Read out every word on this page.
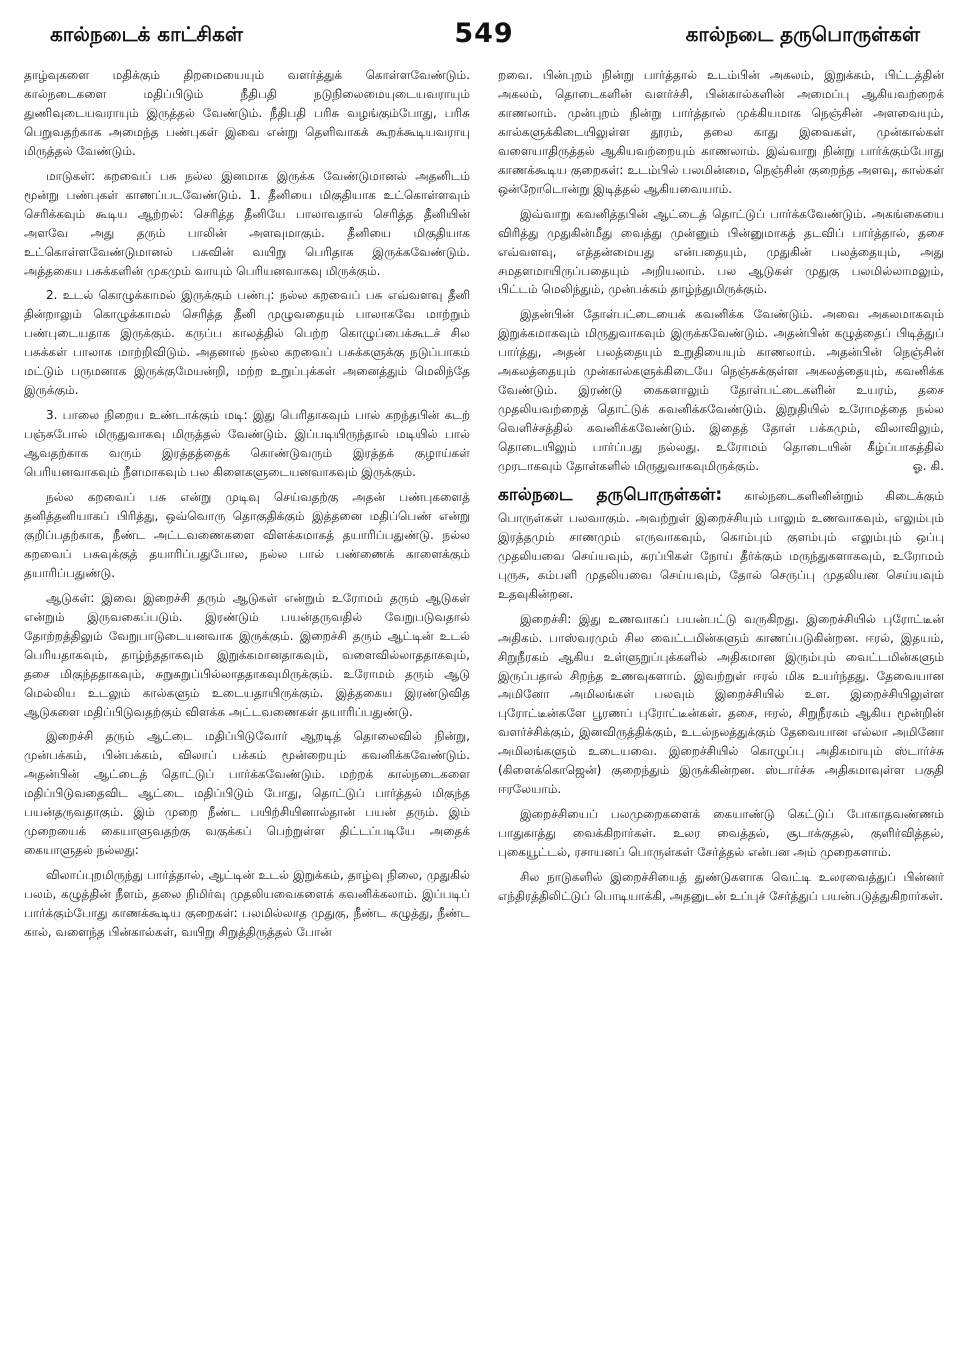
கால்நடைக் காட்சிகள்	549	கால்நடை தருபொருள்கள்

தாழ்வுகளை மதிக்கும் திறமையையும் வளர்த்துக் கொள்ளவேண்டும். கால்நடைகளை மதிப்பிடும் நீதிபதி நடுநிலைமையுடையவராயும் துணிவுடையவராயும் இருத்தல் வேண்டும். நீதிபதி பரிசு வழங்கும்போது, பரிசு பெறுவதற்காக அமைந்த பண்புகள் இவை என்று தெளிவாகக் கூறக்கூடியவராயு மிருத்தல் வேண்டும்.

மாடுகள்: கறவைப் பசு நல்ல இனமாக இருக்க வேண்டுமானல் அதனிடம் மூன்று பண்புகள் காணப்படவேண்டும். 1. தீனியை மிகுதியாக உட்கொள்ளவும் செரிக்கவும் கூடிய ஆற்றல்: செரித்த தீனியே பாலாவதால் செரித்த தீனியின் அளவே அது தரும் பாலின் அளவுமாகும். தீனியை மிகுதியாக உட்கொள்ளவேண்டுமானல் பசுவின் வயிறு பெரிதாக இருக்கவேண்டும். அத்தகைய பசுக்களின் முகமும் வாயும் பெரியனவாகவு மிருக்கும்.

2. உடல் கொழுக்காமல் இருக்கும் பண்பு: நல்ல கறவைப் பசு எவ்வளவு தீனி தின்றாலும் கொழுக்காமல் செரித்த தீனி முழுவதையும் பாலாகவே மாற்றும் பண்புடையதாக இருக்கும். கருப்ப காலத்தில் பெற்ற கொழுப்பைக்கூடச் சில பசுக்கள் பாலாக மாற்றிவிடும். அதனால் நல்ல கறவைப் பசுக்களுக்கு நடுப்பாகம் மட்டும் பருமனாக இருக்குமேயன்றி, மற்ற உறுப்புக்கள் அனைத்தும் மெலிந்தே இருக்கும்.

3. பாலை நிறைய உண்டாக்கும் மடி: இது பெரிதாகவும் பால் கறந்தபின் கடற் பஞ்சுபோல் மிருதுவாகவு மிருத்தல் வேண்டும். இப்படியிருந்தால் மடியில் பால் ஆவதற்காக வரும் இரத்தத்தைக் கொண்டுவரும் இரத்தக் குழாய்கள் பெரியனவாகவும் நீளமாகவும் பல கிளைகளுடையனவாகவும் இருக்கும்.

நல்ல கறவைப் பசு என்று முடிவு செய்வதற்கு அதன் பண்புகளைத் தனித்தனியாகப் பிரித்து, ஒவ்வொரு தொகுதிக்கும் இத்தனை மதிப்பெண் என்று குறிப்பதற்காக, நீண்ட அட்டவணைகளை விளக்கமாகத் தயாரிப்பதுண்டு. நல்ல கறவைப் பசுவுக்குத் தயாரிப்பதுபோல, நல்ல பால் பண்ணைக் காளைக்கும் தயாரிப்பதுண்டு.

ஆடுகள்: இவை இறைச்சி தரும் ஆடுகள் என்றும் உரோமம் தரும் ஆடுகள் என்றும் இருவகைப்படும். இரண்டும் பயன்தருவதில் வேறுபடுவதால் தோற்றத்திலும் வேறுபாடுடையனவாக இருக்கும். இறைச்சி தரும் ஆட்டின் உடல் பெரியதாகவும், தாழ்ந்ததாகவும் இறுக்கமானதாகவும், வளைவில்லாததாகவும், தசை மிகுந்ததாகவும், சுறுசுறுப்பில்லாததாகவுமிருக்கும். உரோமம் தரும் ஆடு மெல்லிய உடலும் கால்களும் உடையதாயிருக்கும். இத்தகைய இரண்டுவித ஆடுகளை மதிப்பிடுவதற்கும் விளக்க அட்டவணைகள் தயாரிப்பதுண்டு.

இறைச்சி தரும் ஆட்டை மதிப்பிடுவோர் ஆறடித் தொலைவில் நின்று, முன்பக்கம், பின்பக்கம், விலாப் பக்கம் மூன்றையும் கவனிக்கவேண்டும். அதன்பின் ஆட்டைத் தொட்டுப் பார்க்கவேண்டும். மற்றக் கால்நடைகளை மதிப்பிடுவதைவிட ஆட்டை மதிப்பிடும் போது, தொட்டுப் பார்த்தல் மிகுந்த பயன்தருவதாகும். இம் முறை நீண்ட பயிற்சியினால்தான் பயன் தரும். இம் முறையைக் கையாளுவதற்கு வகுக்கப் பெற்றுள்ள திட்டப்படியே அதைக் கையாளுதல் நல்லது:

விலாப்புறமிருந்து பார்த்தால், ஆட்டின் உடல் இறுக்கம், தாழ்வு நிலை, முதுகில் பலம், கழுத்தின் நீளம், தலை நிமிர்வு முதலியவைகளைக் கவனிக்கலாம். இப்படிப் பார்க்கும்போது காணக்கூடிய குறைகள்: பலமில்லாத முதுகு, நீண்ட கழுத்து, நீண்ட கால், வளைந்த பின்கால்கள், வயிறு சிறுத்திருத்தல் போன்

றவை. பின்புறம் நின்று பார்த்தால் உடம்பின் அகலம், இறுக்கம், பிட்டத்தின் அகலம், தொடைகளின் வளர்ச்சி, பின்கால்களின் அமைப்பு ஆகியவற்றைக் காணலாம். முன்புறம் நின்று பார்த்தால் முக்கியமாக நெஞ்சின் அளவையும், கால்களுக்கிடையிலுள்ள தூரம், தலை காது இவைகள், முன்கால்கள் வளையாதிருத்தல் ஆகியவற்றையும் காணலாம். இவ்வாறு நின்று பார்க்கும்போது காணக்கூடிய குறைகள்: உடம்பில் பலமின்மை, நெஞ்சின் குறைந்த அளவு, கால்கள் ஒன்றோடொன்று இடித்தல் ஆகியவையாம்.

இவ்வாறு கவனித்தபின் ஆட்டைத் தொட்டுப் பார்க்கவேண்டும். அகங்கையை விரித்து முதுகின்மீது வைத்து முன்னும் பின்னுமாகத் தடவிப் பார்த்தால், தசை எவ்வளவு, எத்தன்மையது என்பதையும், முதுகின் பலத்தையும், அது சமதளமாயிருப்பதையும் அறியலாம். பல ஆடுகள் முதுகு பலமில்லாமலும், பிட்டம் மெலிந்தும், முன்பக்கம் தாழ்ந்துமிருக்கும்.

இதன்பின் தோள்பட்டையைக் கவனிக்க வேண்டும். அவை அகலமாகவும் இறுக்கமாகவும் மிருதுவாகவும் இருக்கவேண்டும். அதன்பின் கழுத்தைப் பிடித்துப் பார்த்து, அதன் பலத்தையும் உறுதியையும் காணலாம். அதன்பின் நெஞ்சின் அகலத்தையும் முன்கால்களுக்கிடையே நெஞ்சுக்குள்ள அகலத்தையும், கவனிக்க வேண்டும். இரண்டு கைகளாலும் தோள்பட்டைகளின் உயரம், தசை முதலியவற்றைத் தொட்டுக் கவனிக்கவேண்டும். இறுதியில் உரோமத்தை நல்ல வெளிச்சத்தில் கவனிக்கவேண்டும். இதைத் தோள் பக்கமும், விலாவிலும், தொடையிலும் பார்ப்பது நல்லது. உரோமம் தொடையின் கீழ்ப்பாகத்தில் முரடாகவும் தோள்களில் மிருதுவாகவுமிருக்கும்.	ஓ. கி.

கால்நடை தருபொருள்கள்: கால்நடைகளினின்றும் கிடைக்கும் பொருள்கள் பலவாகும். அவற்றுள் இறைச்சியும் பாலும் உணவாகவும், எலும்பும் இரத்தமும் சாணமும் எருவாகவும், கொம்பும் குளம்பும் எலும்பும் ஒப்பு முதலியவை செய்யவும், சுரப்பிகள் நோய் தீர்க்கும் மருந்துகளாகவும், உரோமம் புருசு, கம்பளி முதலியவை செய்யவும், தோல் செருப்பு முதலியன செய்யவும் உதவுகின்றன.

இறைச்சி: இது உணவாகப் பயன்பட்டு வருகிறது. இறைச்சியில் புரோட்டீன் அதிகம். பாஸ்வரமும் சில வைட்டமின்களும் காணப்படுகின்றன. ஈரல், இதயம், சிறுநீரகம் ஆகிய உள்ளுறுப்புக்களில் அதிகமான இரும்பும் வைட்டமின்களும் இருப்பதால் சிறந்த உணவுகளாம். இவற்றுள் ஈரல் மிக உயர்ந்தது. தேவையான அமினோ அமிலங்கள் பலவும் இறைச்சியில் உள. இறைச்சியிலுள்ள புரோட்டீன்களே பூரணப் புரோட்டீன்கள். தசை, ஈரல், சிறுநீரகம் ஆகிய மூன்றின் வளர்ச்சிக்கும், இனவிருத்திக்கும், உடல்நலத்துக்கும் தேவையான எல்லா அமினோ அமிலங்களும் உடையவை. இறைச்சியில் கொழுப்பு அதிகமாயும் ஸ்டார்ச்சு (கிளைக்கொஜென்) குறைந்தும் இருக்கின்றன. ஸ்டார்ச்சு அதிகமாவுள்ள பகுதி ஈரலேயாம்.

இறைச்சியைப் பலமுறைகளைக் கையாண்டு கெட்டுப் போகாதவண்ணம் பாதுகாத்து வைக்கிறார்கள். உலர வைத்தல், சூடாக்குதல், குளிர்வித்தல், புகையூட்டல், ரசாயனப் பொருள்கள் சேர்த்தல் என்பன அம் முறைகளாம்.

சில நாடுகளில் இறைச்சியைத் துண்டுகளாக வெட்டி உலரவைத்துப் பின்னர் எந்திரத்திலிட்டுப் பொடியாக்கி, அதனுடன் உப்புச் சேர்த்துப் பயன்படுத்துகிறார்கள்.
